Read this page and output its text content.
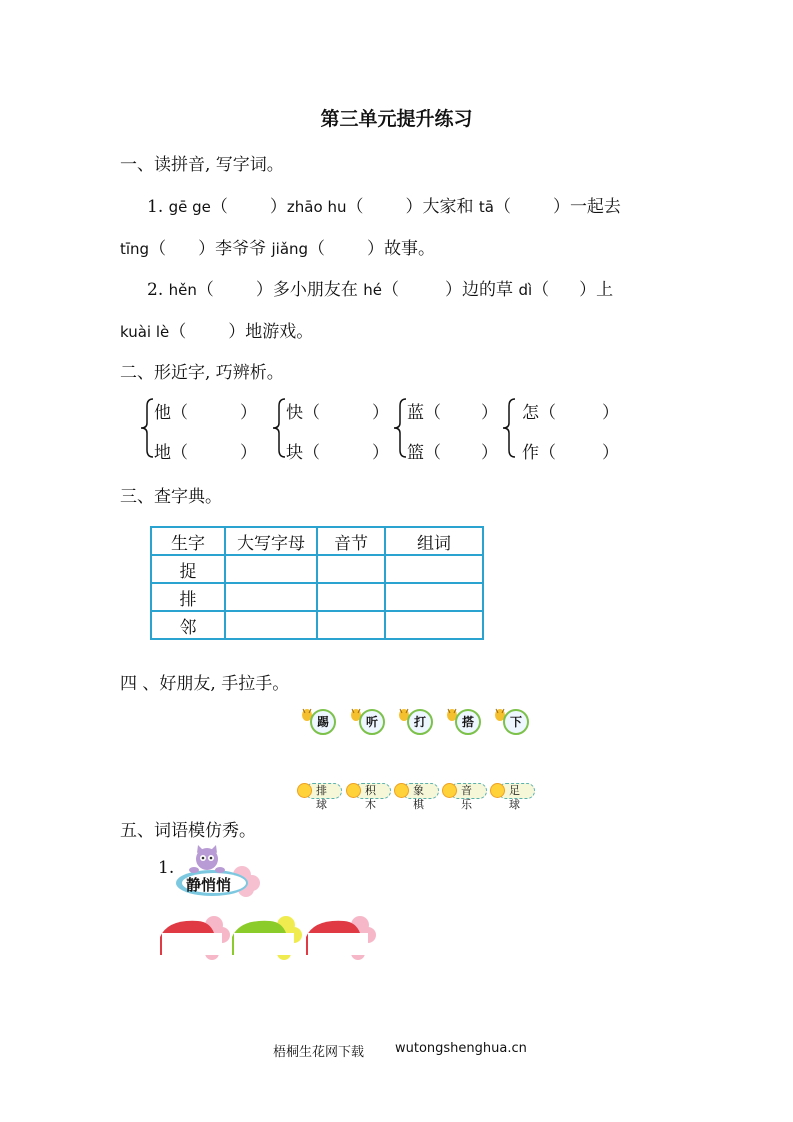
第三单元提升练习
一、读拼音, 写字词。
1. gē ge（ ）zhāo hu（ ）大家和 tā（ ）一起去
tīng（ ）李爷爷 jiǎng（ ）故事。
2. hěn（ ）多小朋友在 hé（	）边的草 dì（ ）上
kuài lè（ ）地游戏。
二、形近字, 巧辨析。
他（	）
地（	）
快（	）
块（	）
蓝（ ）
篮（ ）
怎（	）
作（	）
三、查字典。
生字	大写字母	音节	组词
捉			
排			
邻			
四 、好朋友, 手拉手。
踢	听	打	搭	下
排球
积木
象棋
音乐
足球
五、词语模仿秀。
1.
静悄悄
梧桐生花网下载 wutongshenghua.cn
